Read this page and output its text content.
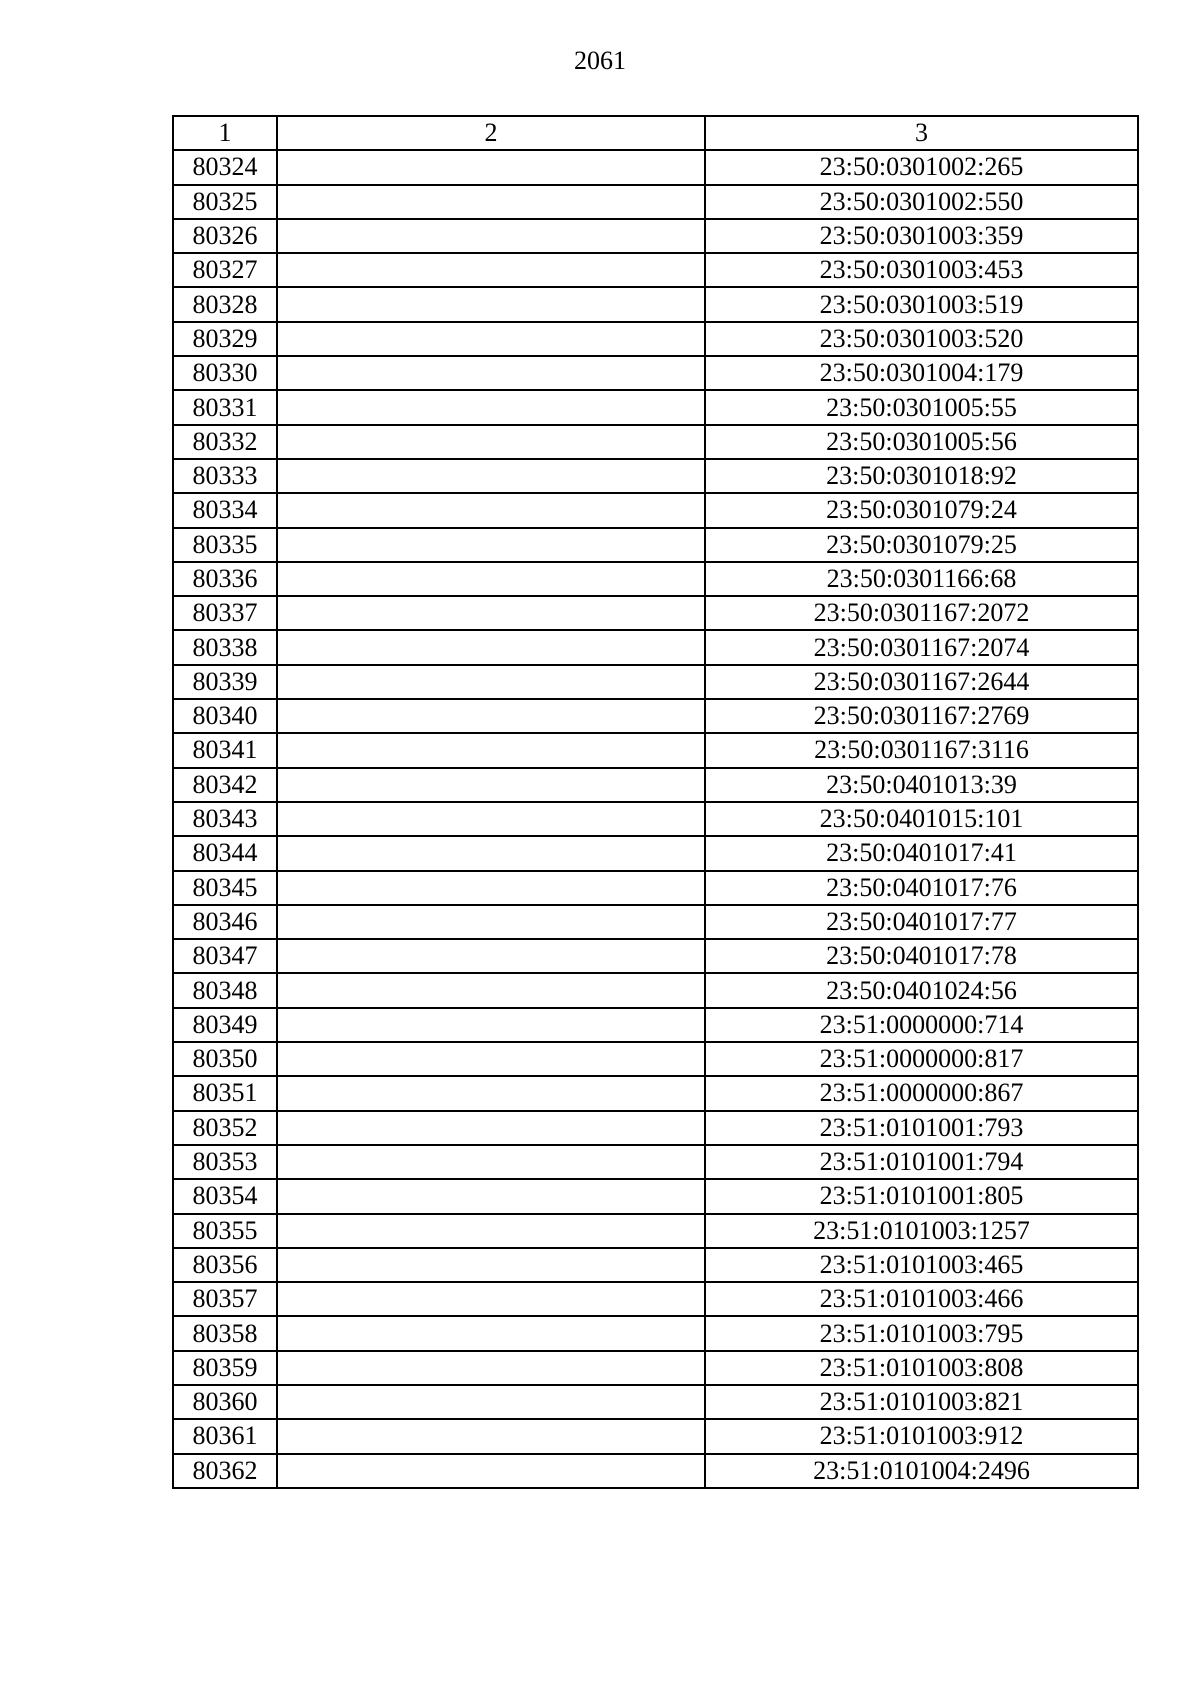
2061
1	2	3
80324		23:50:0301002:265
80325		23:50:0301002:550
80326		23:50:0301003:359
80327		23:50:0301003:453
80328		23:50:0301003:519
80329		23:50:0301003:520
80330		23:50:0301004:179
80331		23:50:0301005:55
80332		23:50:0301005:56
80333		23:50:0301018:92
80334		23:50:0301079:24
80335		23:50:0301079:25
80336		23:50:0301166:68
80337		23:50:0301167:2072
80338		23:50:0301167:2074
80339		23:50:0301167:2644
80340		23:50:0301167:2769
80341		23:50:0301167:3116
80342		23:50:0401013:39
80343		23:50:0401015:101
80344		23:50:0401017:41
80345		23:50:0401017:76
80346		23:50:0401017:77
80347		23:50:0401017:78
80348		23:50:0401024:56
80349		23:51:0000000:714
80350		23:51:0000000:817
80351		23:51:0000000:867
80352		23:51:0101001:793
80353		23:51:0101001:794
80354		23:51:0101001:805
80355		23:51:0101003:1257
80356		23:51:0101003:465
80357		23:51:0101003:466
80358		23:51:0101003:795
80359		23:51:0101003:808
80360		23:51:0101003:821
80361		23:51:0101003:912
80362		23:51:0101004:2496
